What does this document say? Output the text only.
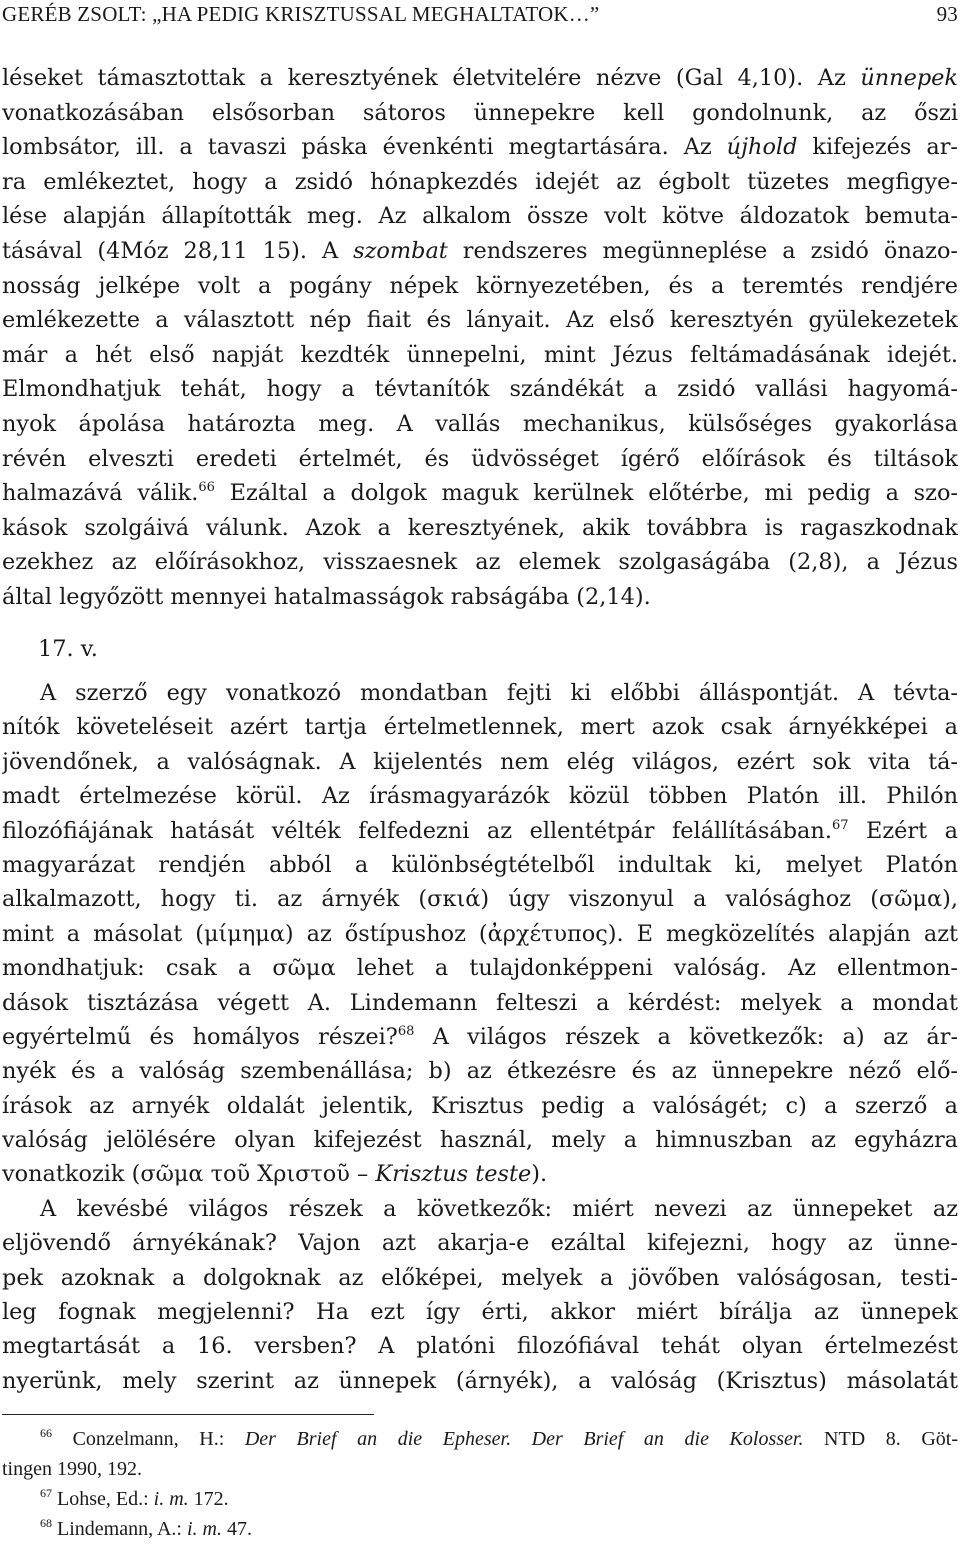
GERÉB ZSOLT: „HA PEDIG KRISZTUSSAL MEGHALTATOK…”	93
léseket támasztottak a keresztyének életvitelére nézve (Gal 4,10). Az ünnepek
vonatkozásában elsősorban sátoros ünnepekre kell gondolnunk, az őszi
lombsátor, ill. a tavaszi páska évenkénti megtartására. Az újhold kifejezés ar-
ra emlékeztet, hogy a zsidó hónapkezdés idejét az égbolt tüzetes megfigye-
lése alapján állapították meg. Az alkalom össze volt kötve áldozatok bemuta-
tásával (4Móz 28,11 15). A szombat rendszeres megünneplése a zsidó önazo-
nosság jelképe volt a pogány népek környezetében, és a teremtés rendjére
emlékezette a választott nép fiait és lányait. Az első keresztyén gyülekezetek
már a hét első napját kezdték ünnepelni, mint Jézus feltámadásának idejét.
Elmondhatjuk tehát, hogy a tévtanítók szándékát a zsidó vallási hagyomá-
nyok ápolása határozta meg. A vallás mechanikus, külsőséges gyakorlása
révén elveszti eredeti értelmét, és üdvösséget ígérő előírások és tiltások
halmazává válik.$^{66}$ Ezáltal a dolgok maguk kerülnek előtérbe, mi pedig a szo-
kások szolgáivá válunk. Azok a keresztyének, akik továbbra is ragaszkodnak
ezekhez az előírásokhoz, visszaesnek az elemek szolgaságába (2,8), a Jézus
által legyőzött mennyei hatalmasságok rabságába (2,14).
17. v.
A szerző egy vonatkozó mondatban fejti ki előbbi álláspontját. A tévta-
nítók követeléseit azért tartja értelmetlennek, mert azok csak árnyékképei a
jövendőnek, a valóságnak. A kijelentés nem elég világos, ezért sok vita tá-
madt értelmezése körül. Az írásmagyarázók közül többen Platón ill. Philón
filozófiájának hatását vélték felfedezni az ellentétpár felállításában.$^{67}$ Ezért a
magyarázat rendjén abból a különbségtételből indultak ki, melyet Platón
alkalmazott, hogy ti. az árnyék (σκιά) úgy viszonyul a valósághoz (σῶμα),
mint a másolat (μίμημα) az őstípushoz (ἀρχέτυπος). E megközelítés alapján azt
mondhatjuk: csak a σῶμα lehet a tulajdonképpeni valóság. Az ellentmon-
dások tisztázása végett A. Lindemann felteszi a kérdést: melyek a mondat
egyértelmű és homályos részei?$^{68}$ A világos részek a következők: a) az ár-
nyék és a valóság szembenállása; b) az étkezésre és az ünnepekre néző elő-
írások az arnyék oldalát jelentik, Krisztus pedig a valóságét; c) a szerző a
valóság jelölésére olyan kifejezést használ, mely a himnuszban az egyházra
vonatkozik (σῶμα τοῦ Χριστοῦ – Krisztus teste).
A kevésbé világos részek a következők: miért nevezi az ünnepeket az
eljövendő árnyékának? Vajon azt akarja-e ezáltal kifejezni, hogy az ünne-
pek azoknak a dolgoknak az előképei, melyek a jövőben valóságosan, testi-
leg fognak megjelenni? Ha ezt így érti, akkor miért bírálja az ünnepek
megtartását a 16. versben? A platóni filozófiával tehát olyan értelmezést
nyerünk, mely szerint az ünnepek (árnyék), a valóság (Krisztus) másolatát
$^{66}$ Conzelmann, H.: Der Brief an die Epheser. Der Brief an die Kolosser. NTD 8. Göt-
tingen 1990, 192.
$^{67}$ Lohse, Ed.: i. m. 172.
$^{68}$ Lindemann, A.: i. m. 47.
